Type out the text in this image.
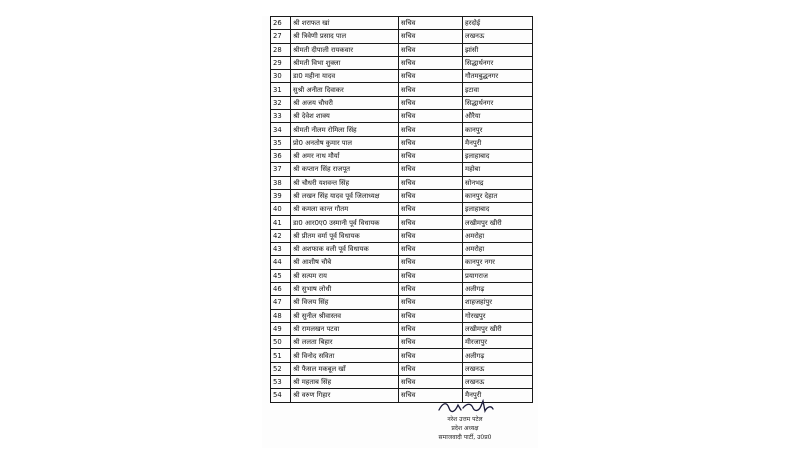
26	श्री शराफत खां	सचिव	हरदोई
27	श्री त्रिवेणी प्रसाद पाल	सचिव	लखनऊ
28	श्रीमती दीपाली रायकवार	सचिव	झांसी
29	श्रीमती विभा शुक्ला	सचिव	सिद्धार्थनगर
30	डा0 महीना यादव	सचिव	गौतमबुद्धनगर
31	सुश्री अनीता दिवाकर	सचिव	इटावा
32	श्री अजय चौधरी	सचिव	सिद्धार्थनगर
33	श्री देवेश शाक्य	सचिव	औरैया
34	श्रीमती नीलम रोमिला सिंह	सचिव	कानपुर
35	प्रो0 अनतोष कुमार पाल	सचिव	मैनपुरी
36	श्री अमर नाथ मौर्या	सचिव	इलाहाबाद
37	श्री कप्तान सिंह राजपूत	सचिव	महोबा
38	श्री चौधरी यशवन्त सिंह	सचिव	सोनभद्र
39	श्री लखन सिंह यादव पूर्व जिलाध्यक्ष	सचिव	कानपुर देहात
40	श्री कमला कान्त गौतम	सचिव	इलाहाबाद
41	डा0 आर0ए0 उस्मानी पूर्व विधायक	सचिव	लखीमपुर खीरी
42	श्री प्रीतम वर्मा पूर्व विधायक	सचिव	अमरोहा
43	श्री अशफाक वली पूर्व विधायक	सचिव	अमरोहा
44	श्री आशीष चौबे	सचिव	कानपुर नगर
45	श्री सत्यम राय	सचिव	प्रयागराज
46	श्री सुभाष लोधी	सचिव	अलीगढ़
47	श्री विजय सिंह	सचिव	शाहजहांपुर
48	श्री सुनील श्रीवास्तव	सचिव	गोरखपुर
49	श्री रामलखन पटवा	सचिव	लखीमपुर खीरी
50	श्री ललता बिहार	सचिव	मीरजापुर
51	श्री विनोद सविता	सचिव	अलीगढ़
52	श्री फैसल मकबूल खाँ	सचिव	लखनऊ
53	श्री महताब सिंह	सचिव	लखनऊ
54	श्री वरुण गिहार	सचिव	मैनपुरी
नरेश उत्तम पटेल
प्रदेश अध्यक्ष
समाजवादी पार्टी, उ0प्र0
